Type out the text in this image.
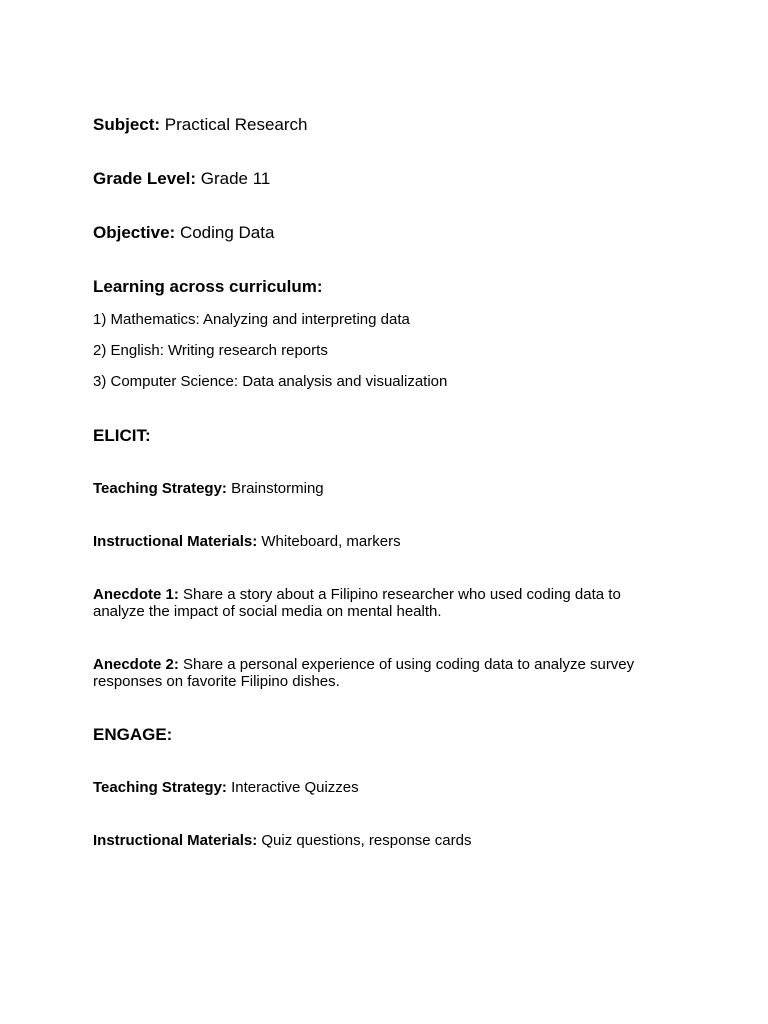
Subject: Practical Research
Grade Level: Grade 11
Objective: Coding Data
Learning across curriculum:
1) Mathematics: Analyzing and interpreting data
2) English: Writing research reports
3) Computer Science: Data analysis and visualization
ELICIT:
Teaching Strategy: Brainstorming
Instructional Materials: Whiteboard, markers
Anecdote 1: Share a story about a Filipino researcher who used coding data to
analyze the impact of social media on mental health.
Anecdote 2: Share a personal experience of using coding data to analyze survey
responses on favorite Filipino dishes.
ENGAGE:
Teaching Strategy: Interactive Quizzes
Instructional Materials: Quiz questions, response cards
